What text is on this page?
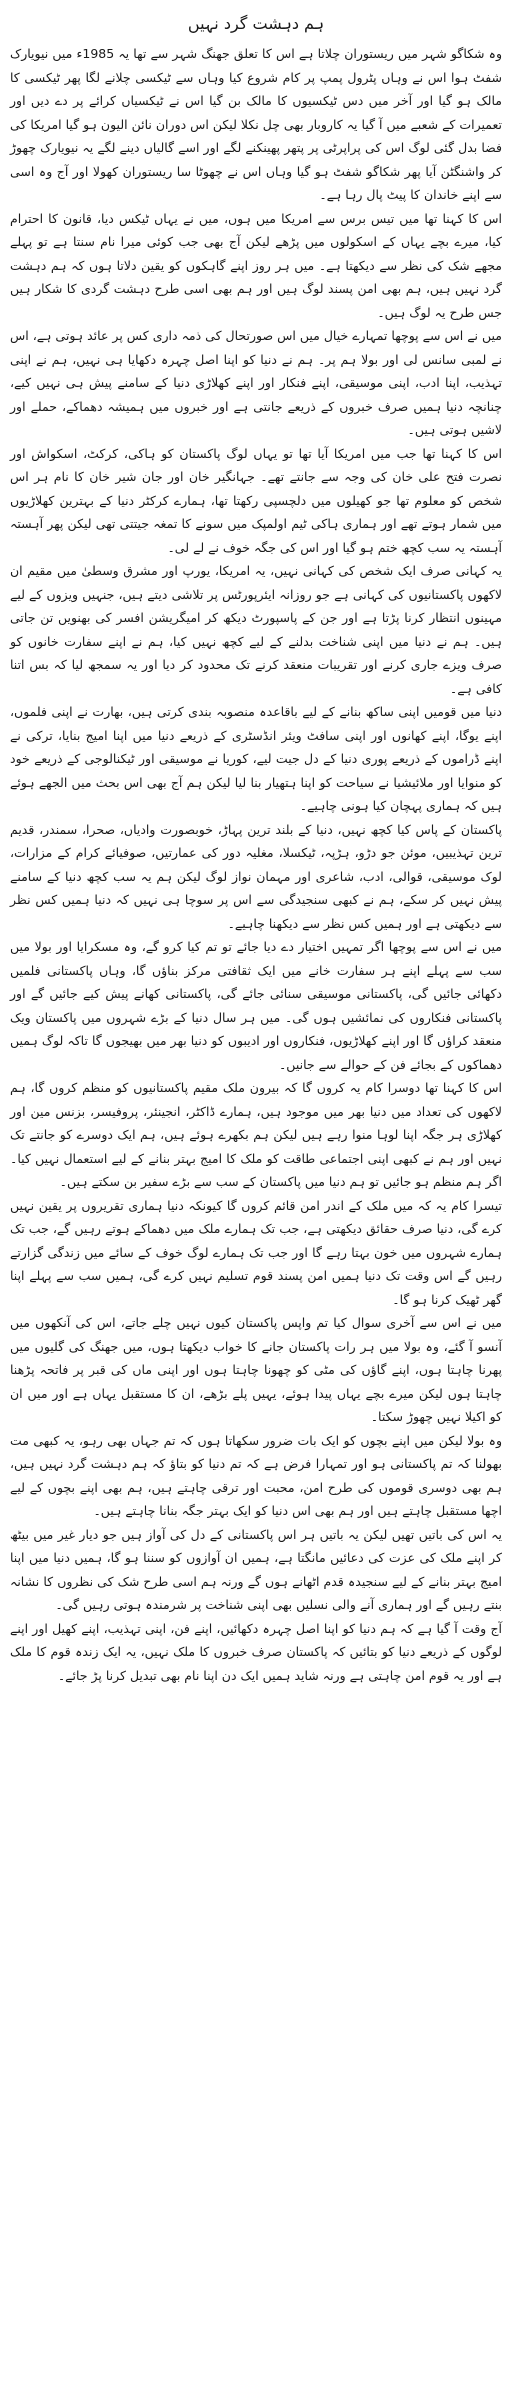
ہم دہشت گرد نہیں

وہ شکاگو شہر میں ریستوران چلاتا ہے اس کا تعلق جھنگ شہر سے تھا یہ 1985ء میں نیویارک شفٹ ہوا اس نے وہاں پٹرول پمپ پر کام شروع کیا وہاں سے ٹیکسی چلانے لگا پھر ٹیکسی کا مالک ہو گیا اور آخر میں دس ٹیکسیوں کا مالک بن گیا اس نے ٹیکسیاں کرائے پر دے دیں اور تعمیرات کے شعبے میں آ گیا یہ کاروبار بھی چل نکلا لیکن اس دوران نائن الیون ہو گیا امریکا کی فضا بدل گئی لوگ اس کی پراپرٹی پر پتھر پھینکنے لگے اور اسے گالیاں دینے لگے یہ نیویارک چھوڑ کر واشنگٹن آیا پھر شکاگو شفٹ ہو گیا وہاں اس نے چھوٹا سا ریستوران کھولا اور آج وہ اسی سے اپنے خاندان کا پیٹ پال رہا ہے۔

اس کا کہنا تھا میں تیس برس سے امریکا میں ہوں، میں نے یہاں ٹیکس دیا، قانون کا احترام کیا، میرے بچے یہاں کے اسکولوں میں پڑھے لیکن آج بھی جب کوئی میرا نام سنتا ہے تو پہلے مجھے شک کی نظر سے دیکھتا ہے۔ میں ہر روز اپنے گاہکوں کو یقین دلاتا ہوں کہ ہم دہشت گرد نہیں ہیں، ہم بھی امن پسند لوگ ہیں اور ہم بھی اسی طرح دہشت گردی کا شکار ہیں جس طرح یہ لوگ ہیں۔

میں نے اس سے پوچھا تمہارے خیال میں اس صورتحال کی ذمہ داری کس پر عائد ہوتی ہے، اس نے لمبی سانس لی اور بولا ہم پر۔ ہم نے دنیا کو اپنا اصل چہرہ دکھایا ہی نہیں، ہم نے اپنی تہذیب، اپنا ادب، اپنی موسیقی، اپنے فنکار اور اپنے کھلاڑی دنیا کے سامنے پیش ہی نہیں کیے، چنانچہ دنیا ہمیں صرف خبروں کے ذریعے جانتی ہے اور خبروں میں ہمیشہ دھماکے، حملے اور لاشیں ہوتی ہیں۔

اس کا کہنا تھا جب میں امریکا آیا تھا تو یہاں لوگ پاکستان کو ہاکی، کرکٹ، اسکواش اور نصرت فتح علی خان کی وجہ سے جانتے تھے۔ جہانگیر خان اور جان شیر خان کا نام ہر اس شخص کو معلوم تھا جو کھیلوں میں دلچسپی رکھتا تھا، ہمارے کرکٹر دنیا کے بہترین کھلاڑیوں میں شمار ہوتے تھے اور ہماری ہاکی ٹیم اولمپک میں سونے کا تمغہ جیتتی تھی لیکن پھر آہستہ آہستہ یہ سب کچھ ختم ہو گیا اور اس کی جگہ خوف نے لے لی۔

یہ کہانی صرف ایک شخص کی کہانی نہیں، یہ امریکا، یورپ اور مشرق وسطیٰ میں مقیم ان لاکھوں پاکستانیوں کی کہانی ہے جو روزانہ ایئرپورٹس پر تلاشی دیتے ہیں، جنہیں ویزوں کے لیے مہینوں انتظار کرنا پڑتا ہے اور جن کے پاسپورٹ دیکھ کر امیگریشن افسر کی بھنویں تن جاتی ہیں۔ ہم نے دنیا میں اپنی شناخت بدلنے کے لیے کچھ نہیں کیا، ہم نے اپنے سفارت خانوں کو صرف ویزے جاری کرنے اور تقریبات منعقد کرنے تک محدود کر دیا اور یہ سمجھ لیا کہ بس اتنا کافی ہے۔

دنیا میں قومیں اپنی ساکھ بنانے کے لیے باقاعدہ منصوبہ بندی کرتی ہیں، بھارت نے اپنی فلموں، اپنے یوگا، اپنے کھانوں اور اپنی سافٹ ویئر انڈسٹری کے ذریعے دنیا میں اپنا امیج بنایا، ترکی نے اپنے ڈراموں کے ذریعے پوری دنیا کے دل جیت لیے، کوریا نے موسیقی اور ٹیکنالوجی کے ذریعے خود کو منوایا اور ملائیشیا نے سیاحت کو اپنا ہتھیار بنا لیا لیکن ہم آج بھی اس بحث میں الجھے ہوئے ہیں کہ ہماری پہچان کیا ہونی چاہیے۔

پاکستان کے پاس کیا کچھ نہیں، دنیا کے بلند ترین پہاڑ، خوبصورت وادیاں، صحرا، سمندر، قدیم ترین تہذیبیں، موئن جو دڑو، ہڑپہ، ٹیکسلا، مغلیہ دور کی عمارتیں، صوفیائے کرام کے مزارات، لوک موسیقی، قوالی، ادب، شاعری اور مہمان نواز لوگ لیکن ہم یہ سب کچھ دنیا کے سامنے پیش نہیں کر سکے، ہم نے کبھی سنجیدگی سے اس پر سوچا ہی نہیں کہ دنیا ہمیں کس نظر سے دیکھتی ہے اور ہمیں کس نظر سے دیکھنا چاہیے۔

میں نے اس سے پوچھا اگر تمہیں اختیار دے دیا جائے تو تم کیا کرو گے، وہ مسکرایا اور بولا میں سب سے پہلے اپنے ہر سفارت خانے میں ایک ثقافتی مرکز بناؤں گا، وہاں پاکستانی فلمیں دکھائی جائیں گی، پاکستانی موسیقی سنائی جائے گی، پاکستانی کھانے پیش کیے جائیں گے اور پاکستانی فنکاروں کی نمائشیں ہوں گی۔ میں ہر سال دنیا کے بڑے شہروں میں پاکستان ویک منعقد کراؤں گا اور اپنے کھلاڑیوں، فنکاروں اور ادیبوں کو دنیا بھر میں بھیجوں گا تاکہ لوگ ہمیں دھماکوں کے بجائے فن کے حوالے سے جانیں۔

اس کا کہنا تھا دوسرا کام یہ کروں گا کہ بیرون ملک مقیم پاکستانیوں کو منظم کروں گا، ہم لاکھوں کی تعداد میں دنیا بھر میں موجود ہیں، ہمارے ڈاکٹر، انجینئر، پروفیسر، بزنس مین اور کھلاڑی ہر جگہ اپنا لوہا منوا رہے ہیں لیکن ہم بکھرے ہوئے ہیں، ہم ایک دوسرے کو جانتے تک نہیں اور ہم نے کبھی اپنی اجتماعی طاقت کو ملک کا امیج بہتر بنانے کے لیے استعمال نہیں کیا۔ اگر ہم منظم ہو جائیں تو ہم دنیا میں پاکستان کے سب سے بڑے سفیر بن سکتے ہیں۔

تیسرا کام یہ کہ میں ملک کے اندر امن قائم کروں گا کیونکہ دنیا ہماری تقریروں پر یقین نہیں کرے گی، دنیا صرف حقائق دیکھتی ہے، جب تک ہمارے ملک میں دھماکے ہوتے رہیں گے، جب تک ہمارے شہروں میں خون بہتا رہے گا اور جب تک ہمارے لوگ خوف کے سائے میں زندگی گزارتے رہیں گے اس وقت تک دنیا ہمیں امن پسند قوم تسلیم نہیں کرے گی، ہمیں سب سے پہلے اپنا گھر ٹھیک کرنا ہو گا۔

میں نے اس سے آخری سوال کیا تم واپس پاکستان کیوں نہیں چلے جاتے، اس کی آنکھوں میں آنسو آ گئے، وہ بولا میں ہر رات پاکستان جانے کا خواب دیکھتا ہوں، میں جھنگ کی گلیوں میں پھرنا چاہتا ہوں، اپنے گاؤں کی مٹی کو چھونا چاہتا ہوں اور اپنی ماں کی قبر پر فاتحہ پڑھنا چاہتا ہوں لیکن میرے بچے یہاں پیدا ہوئے، یہیں پلے بڑھے، ان کا مستقبل یہاں ہے اور میں ان کو اکیلا نہیں چھوڑ سکتا۔

وہ بولا لیکن میں اپنے بچوں کو ایک بات ضرور سکھاتا ہوں کہ تم جہاں بھی رہو، یہ کبھی مت بھولنا کہ تم پاکستانی ہو اور تمہارا فرض ہے کہ تم دنیا کو بتاؤ کہ ہم دہشت گرد نہیں ہیں، ہم بھی دوسری قوموں کی طرح امن، محبت اور ترقی چاہتے ہیں، ہم بھی اپنے بچوں کے لیے اچھا مستقبل چاہتے ہیں اور ہم بھی اس دنیا کو ایک بہتر جگہ بنانا چاہتے ہیں۔

یہ اس کی باتیں تھیں لیکن یہ باتیں ہر اس پاکستانی کے دل کی آواز ہیں جو دیار غیر میں بیٹھ کر اپنے ملک کی عزت کی دعائیں مانگتا ہے، ہمیں ان آوازوں کو سننا ہو گا، ہمیں دنیا میں اپنا امیج بہتر بنانے کے لیے سنجیدہ قدم اٹھانے ہوں گے ورنہ ہم اسی طرح شک کی نظروں کا نشانہ بنتے رہیں گے اور ہماری آنے والی نسلیں بھی اپنی شناخت پر شرمندہ ہوتی رہیں گی۔

آج وقت آ گیا ہے کہ ہم دنیا کو اپنا اصل چہرہ دکھائیں، اپنے فن، اپنی تہذیب، اپنے کھیل اور اپنے لوگوں کے ذریعے دنیا کو بتائیں کہ پاکستان صرف خبروں کا ملک نہیں، یہ ایک زندہ قوم کا ملک ہے اور یہ قوم امن چاہتی ہے ورنہ شاید ہمیں ایک دن اپنا نام بھی تبدیل کرنا پڑ جائے۔
